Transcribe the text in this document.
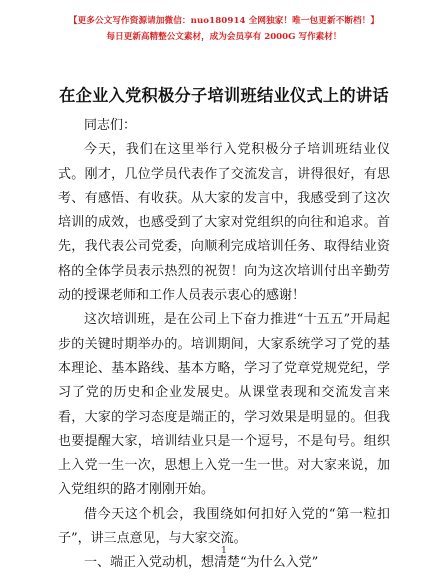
【更多公文写作资源请加微信：nuo180914 全网独家！唯一包更新不断档！】
每日更新高精整公文素材，成为会员享有 2000G 写作素材！
在企业入党积极分子培训班结业仪式上的讲话

同志们：

今天，我们在这里举行入党积极分子培训班结业仪式。刚才，几位学员代表作了交流发言，讲得很好，有思考、有感悟、有收获。从大家的发言中，我感受到了这次培训的成效，也感受到了大家对党组织的向往和追求。首先，我代表公司党委，向顺利完成培训任务、取得结业资格的全体学员表示热烈的祝贺！向为这次培训付出辛勤劳动的授课老师和工作人员表示衷心的感谢！

这次培训班，是在公司上下奋力推进“十五五”开局起步的关键时期举办的。培训期间，大家系统学习了党的基本理论、基本路线、基本方略，学习了党章党规党纪，学习了党的历史和企业发展史。从课堂表现和交流发言来看，大家的学习态度是端正的，学习效果是明显的。但我也要提醒大家，培训结业只是一个逗号，不是句号。组织上入党一生一次，思想上入党一生一世。对大家来说，加入党组织的路才刚刚开始。

借今天这个机会，我围绕如何扣好入党的“第一粒扣子”，讲三点意见，与大家交流。

一、端正入党动机，想清楚“为什么入党”

1
